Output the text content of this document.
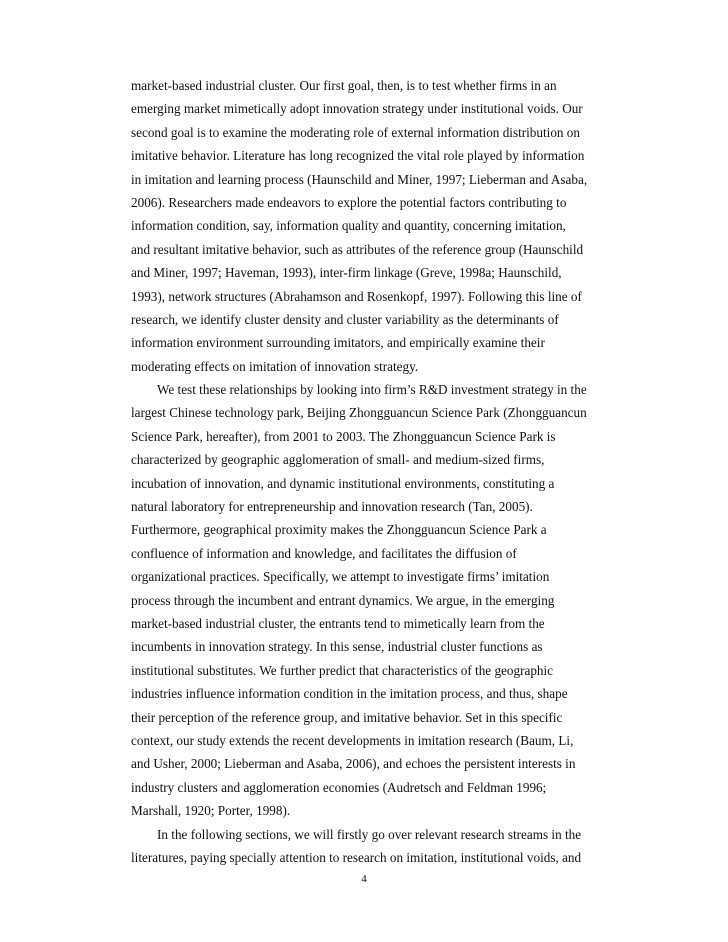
market-based industrial cluster. Our first goal, then, is to test whether firms in an
emerging market mimetically adopt innovation strategy under institutional voids. Our
second goal is to examine the moderating role of external information distribution on
imitative behavior. Literature has long recognized the vital role played by information
in imitation and learning process (Haunschild and Miner, 1997; Lieberman and Asaba,
2006). Researchers made endeavors to explore the potential factors contributing to
information condition, say, information quality and quantity, concerning imitation,
and resultant imitative behavior, such as attributes of the reference group (Haunschild
and Miner, 1997; Haveman, 1993), inter-firm linkage (Greve, 1998a; Haunschild,
1993), network structures (Abrahamson and Rosenkopf, 1997). Following this line of
research, we identify cluster density and cluster variability as the determinants of
information environment surrounding imitators, and empirically examine their
moderating effects on imitation of innovation strategy.
We test these relationships by looking into firm’s R&D investment strategy in the
largest Chinese technology park, Beijing Zhongguancun Science Park (Zhongguancun
Science Park, hereafter), from 2001 to 2003. The Zhongguancun Science Park is
characterized by geographic agglomeration of small- and medium-sized firms,
incubation of innovation, and dynamic institutional environments, constituting a
natural laboratory for entrepreneurship and innovation research (Tan, 2005).
Furthermore, geographical proximity makes the Zhongguancun Science Park a
confluence of information and knowledge, and facilitates the diffusion of
organizational practices. Specifically, we attempt to investigate firms’ imitation
process through the incumbent and entrant dynamics. We argue, in the emerging
market-based industrial cluster, the entrants tend to mimetically learn from the
incumbents in innovation strategy. In this sense, industrial cluster functions as
institutional substitutes. We further predict that characteristics of the geographic
industries influence information condition in the imitation process, and thus, shape
their perception of the reference group, and imitative behavior. Set in this specific
context, our study extends the recent developments in imitation research (Baum, Li,
and Usher, 2000; Lieberman and Asaba, 2006), and echoes the persistent interests in
industry clusters and agglomeration economies (Audretsch and Feldman 1996;
Marshall, 1920; Porter, 1998).
In the following sections, we will firstly go over relevant research streams in the
literatures, paying specially attention to research on imitation, institutional voids, and
4
